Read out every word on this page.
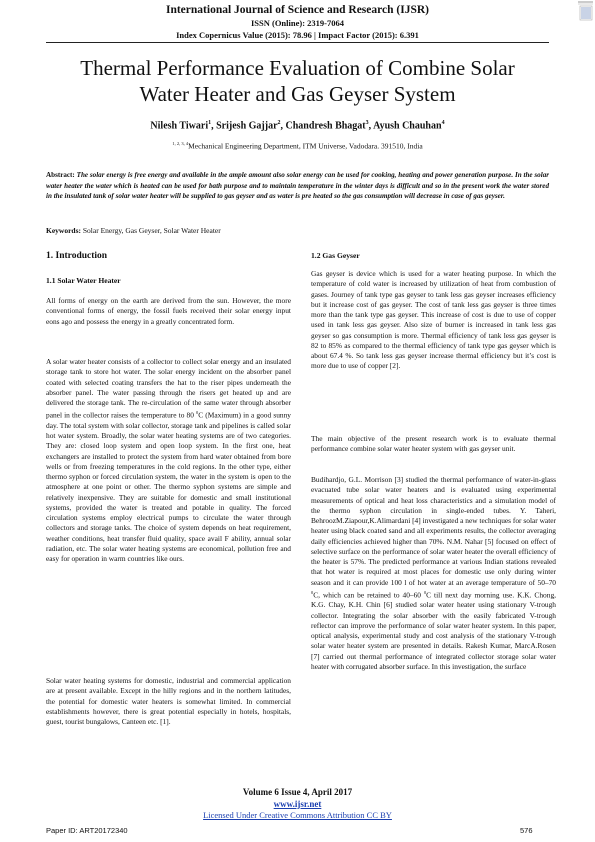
International Journal of Science and Research (IJSR)
ISSN (Online): 2319-7064
Index Copernicus Value (2015): 78.96 | Impact Factor (2015): 6.391
Thermal Performance Evaluation of Combine Solar
Water Heater and Gas Geyser System
Nilesh Tiwari$^1$, Srijesh Gajjar$^2$, Chandresh Bhagat$^3$, Ayush Chauhan$^4$
$^{1, 2, 3, 4}$Mechanical Engineering Department, ITM Universe, Vadodara. 391510, India
Abstract: The solar energy is free energy and available in the ample amount also solar energy can be used for cooking, heating and power generation purpose. In the solar water heater the water which is heated can be used for bath purpose and to maintain temperature in the winter days is difficult and so in the present work the water stored in the insulated tank of solar water heater will be supplied to gas geyser and as water is pre heated so the gas consumption will decrease in case of gas geyser.
Keywords: Solar Energy, Gas Geyser, Solar Water Heater
1. Introduction
1.1 Solar Water Heater
All forms of energy on the earth are derived from the sun. However, the more conventional forms of energy, the fossil fuels received their solar energy input eons ago and possess the energy in a greatly concentrated form.
A solar water heater consists of a collector to collect solar energy and an insulated storage tank to store hot water. The solar energy incident on the absorber panel coated with selected coating transfers the hat to the riser pipes underneath the absorber panel. The water passing through the risers get heated up and are delivered the storage tank. The re-circulation of the same water through absorber panel in the collector raises the temperature to 80 $^0$C (Maximum) in a good sunny day. The total system with solar collector, storage tank and pipelines is called solar hot water system. Broadly, the solar water heating systems are of two categories. They are: closed loop system and open loop system. In the first one, heat exchangers are installed to protect the system from hard water obtained from bore wells or from freezing temperatures in the cold regions. In the other type, either thermo syphon or forced circulation system, the water in the system is open to the atmosphere at one point or other. The thermo syphon systems are simple and relatively inexpensive. They are suitable for domestic and small institutional systems, provided the water is treated and potable in quality. The forced circulation systems employ electrical pumps to circulate the water through collectors and storage tanks. The choice of system depends on heat requirement, weather conditions, heat transfer fluid quality, space avail F ability, annual solar radiation, etc. The solar water heating systems are economical, pollution free and easy for operation in warm countries like ours.
Solar water heating systems for domestic, industrial and commercial application are at present available. Except in the hilly regions and in the northern latitudes, the potential for domestic water heaters is somewhat limited. In commercial establishments however, there is great potential especially in hotels, hospitals, guest, tourist bungalows, Canteen etc. [1].
1.2 Gas Geyser
Gas geyser is device which is used for a water heating purpose. In which the temperature of cold water is increased by utilization of heat from combustion of gases. Journey of tank type gas geyser to tank less gas geyser increases efficiency but it increase cost of gas geyser. The cost of tank less gas geyser is three times more than the tank type gas geyser. This increase of cost is due to use of copper used in tank less gas geyser. Also size of burner is increased in tank less gas geyser so gas consumption is more. Thermal efficiency of tank less gas geyser is 82 to 85% as compared to the thermal efficiency of tank type gas geyser which is about 67.4 %. So tank less gas geyser increase thermal efficiency but it’s cost is more due to use of copper [2].
The main objective of the present research work is to evaluate thermal performance combine solar water heater system with gas geyser unit.
Budihardjo, G.L. Morrison [3] studied the thermal performance of water-in-glass evacuated tube solar water heaters and is evaluated using experimental measurements of optical and heat loss characteristics and a simulation model of the thermo syphon circulation in single-ended tubes. Y. Taheri, BehroozM.Ziapour,K.Alimardani [4] investigated a new techniques for solar water heater using black coated sand and all experiments results, the collector averaging daily efficiencies achieved higher than 70%. N.M. Nahar [5] focused on effect of selective surface on the performance of solar water heater the overall efficiency of the heater is 57%. The predicted performance at various Indian stations revealed that hot water is required at most places for domestic use only during winter season and it can provide 100 l of hot water at an average temperature of 50–70 $^0$C, which can be retained to 40–60 $^0$C till next day morning use. K.K. Chong, K.G. Chay, K.H. Chin [6] studied solar water heater using stationary V-trough collector. Integrating the solar absorber with the easily fabricated V-trough reflector can improve the performance of solar water heater system. In this paper, optical analysis, experimental study and cost analysis of the stationary V-trough solar water heater system are presented in details. Rakesh Kumar, MarcA.Rosen [7] carried out thermal performance of integrated collector storage solar water heater with corrugated absorber surface. In this investigation, the surface
Volume 6 Issue 4, April 2017
www.ijsr.net
Licensed Under Creative Commons Attribution CC BY
Paper ID: ART20172340	576
